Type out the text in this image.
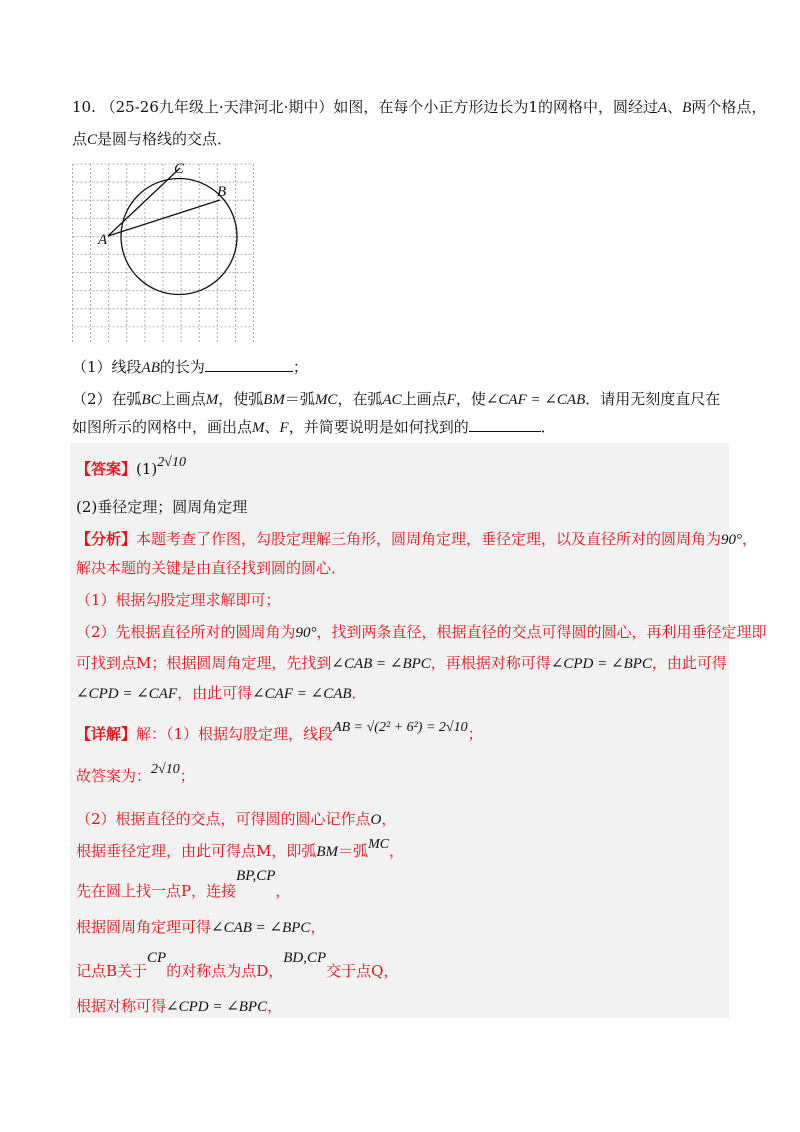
10. （25-26九年级上·天津河北·期中）如图，在每个小正方形边长为1的网格中，圆经过A、B两个格点，
点C是圆与格线的交点．
A
C
B
（1）线段AB的长为	；
（2）在弧BC上画点M，使弧BM＝弧MC，在弧AC上画点F，使∠CAF = ∠CAB．请用无刻度直尺在
如图所示的网格中，画出点M、F，并简要说明是如何找到的	．
【答案】(1)2√10
(2)垂径定理；圆周角定理
【分析】本题考查了作图，勾股定理解三角形，圆周角定理，垂径定理，以及直径所对的圆周角为90°，
解决本题的关键是由直径找到圆的圆心．
（1）根据勾股定理求解即可；
（2）先根据直径所对的圆周角为90°，找到两条直径，根据直径的交点可得圆的圆心，再利用垂径定理即
可找到点M；根据圆周角定理，先找到∠CAB = ∠BPC，再根据对称可得∠CPD = ∠BPC，由此可得
∠CPD = ∠CAF，由此可得∠CAF = ∠CAB．
【详解】解：（1）根据勾股定理，线段AB = √(2² + 6²) = 2√10；
故答案为：2√10；
（2）根据直径的交点，可得圆的圆心记作点O，
根据垂径定理，由此可得点M，即弧BM＝弧MC，
先在圆上找一点P，连接BP,CP，
根据圆周角定理可得∠CAB = ∠BPC，
记点B关于CP的对称点为点D，BD,CP交于点Q，
根据对称可得∠CPD = ∠BPC，
